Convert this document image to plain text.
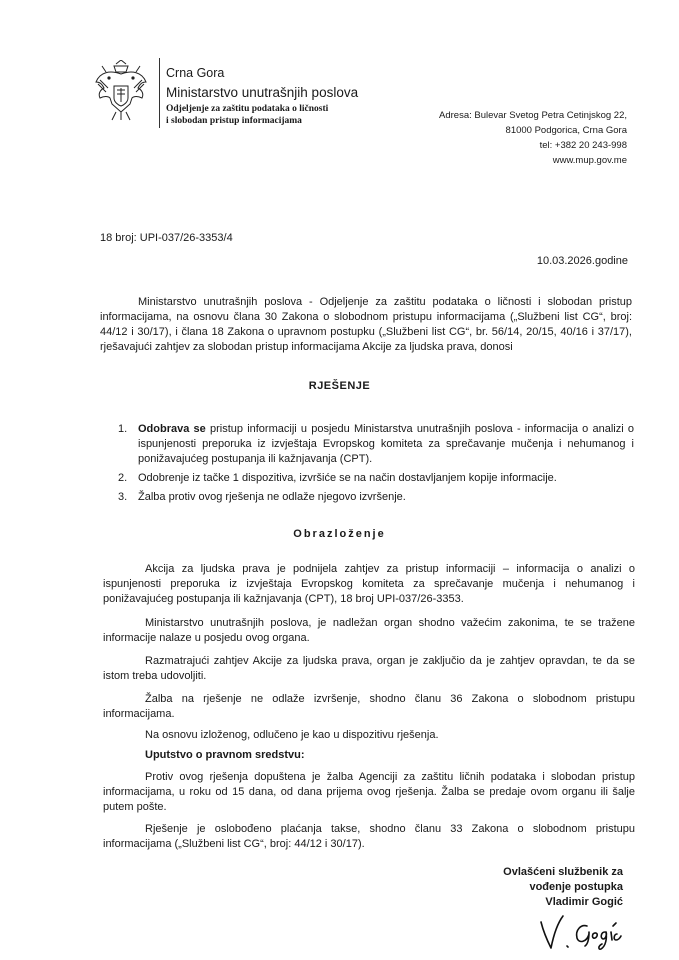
Crna Gora
Ministarstvo unutrašnjih poslova
Odjeljenje za zaštitu podataka o ličnosti
i slobodan pristup informacijama	Adresa: Bulevar Svetog Petra Cetinjskog 22,
81000 Podgorica, Crna Gora
tel: +382 20 243-998
www.mup.gov.me
18 broj: UPI-037/26-3353/4
10.03.2026.godine
Ministarstvo unutrašnjih poslova - Odjeljenje za zaštitu podataka o ličnosti i slobodan pristup informacijama, na osnovu člana 30 Zakona o slobodnom pristupu informacijama („Službeni list CG“, broj: 44/12 i 30/17), i člana 18 Zakona o upravnom postupku („Službeni list CG“, br. 56/14, 20/15, 40/16 i 37/17), rješavajući zahtjev za slobodan pristup informacijama Akcije za ljudska prava, donosi
RJEŠENJE
1. Odobrava se pristup informaciji u posjedu Ministarstva unutrašnjih poslova - informacija o analizi o ispunjenosti preporuka iz izvještaja Evropskog komiteta za sprečavanje mučenja i nehumanog i ponižavajućeg postupanja ili kažnjavanja (CPT).
2. Odobrenje iz tačke 1 dispozitiva, izvršiće se na način dostavljanjem kopije informacije.
3. Žalba protiv ovog rješenja ne odlaže njegovo izvršenje.
Obrazloženje
Akcija za ljudska prava je podnijela zahtjev za pristup informaciji – informacija o analizi o ispunjenosti preporuka iz izvještaja Evropskog komiteta za sprečavanje mučenja i nehumanog i ponižavajućeg postupanja ili kažnjavanja (CPT), 18 broj UPI-037/26-3353.
Ministarstvo unutrašnjih poslova, je nadležan organ shodno važećim zakonima, te se tražene informacije nalaze u posjedu ovog organa.
Razmatrajući zahtjev Akcije za ljudska prava, organ je zaključio da je zahtjev opravdan, te da se istom treba udovoljiti.
Žalba na rješenje ne odlaže izvršenje, shodno članu 36 Zakona o slobodnom pristupu informacijama.
Na osnovu izloženog, odlučeno je kao u dispozitivu rješenja.
Uputstvo o pravnom sredstvu:
Protiv ovog rješenja dopuštena je žalba Agenciji za zaštitu ličnih podataka i slobodan pristup informacijama, u roku od 15 dana, od dana prijema ovog rješenja. Žalba se predaje ovom organu ili šalje putem pošte.
Rješenje je oslobođeno plaćanja takse, shodno članu 33 Zakona o slobodnom pristupu informacijama („Službeni list CG“, broj: 44/12 i 30/17).
Ovlašćeni službenik za
vođenje postupka
Vladimir Gogić
